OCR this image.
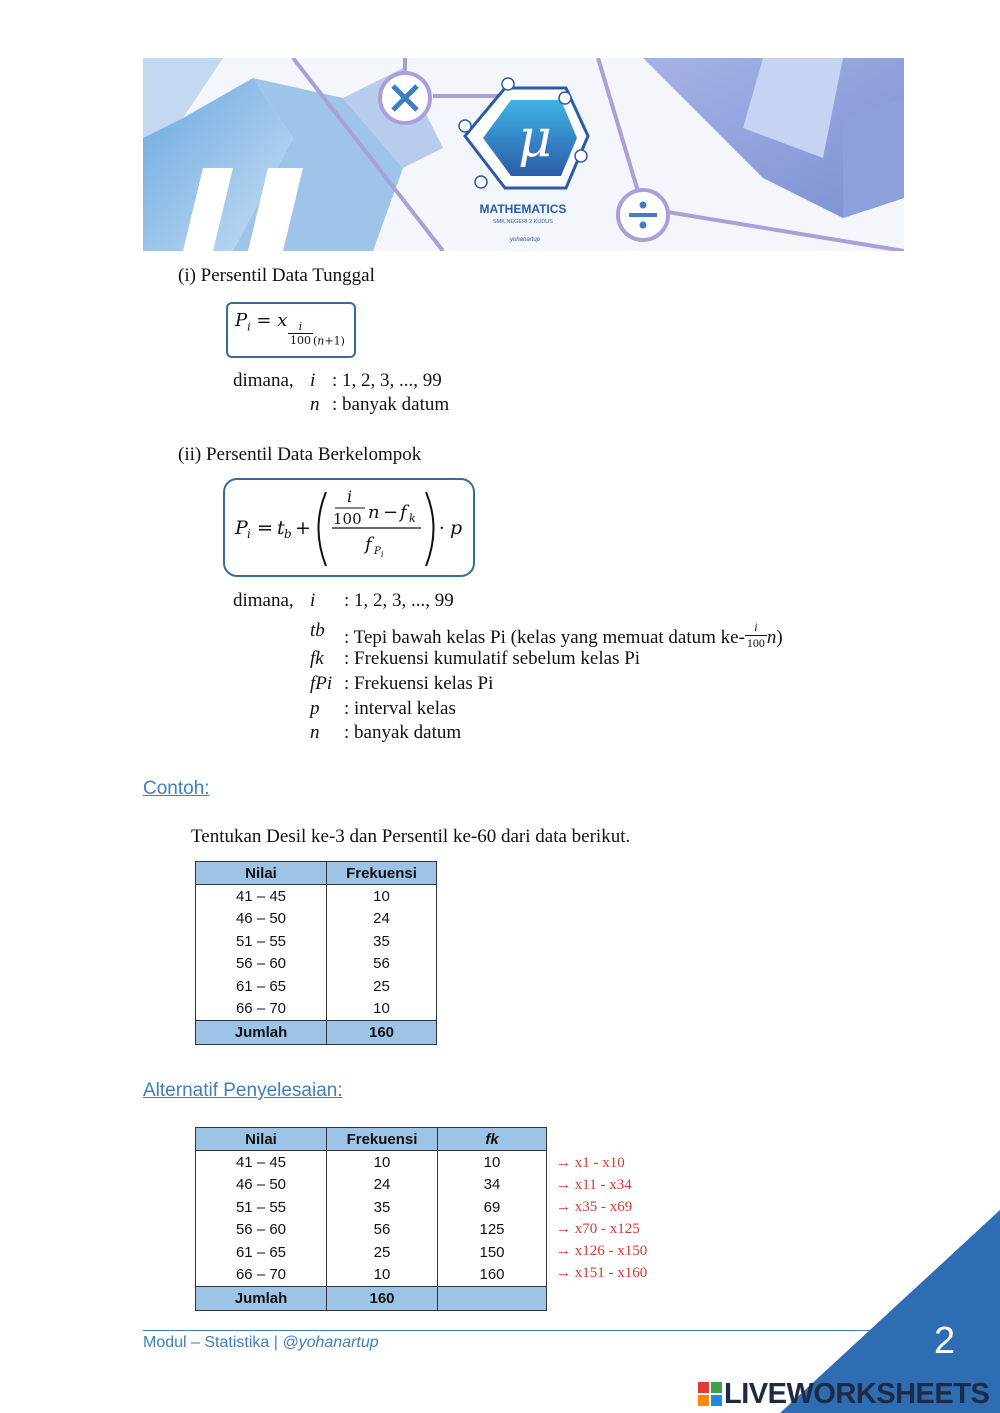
μ
MATHEMATICS
SMK NEGERI 2 KUDUS
yohanartup
(i) Persentil Data Tunggal
$P_i = x \frac{i}{100} (n+1)$
dimana, i : 1, 2, 3, ..., 99
n : banyak datum
(ii) Persentil Data Berkelompok
P i = t b +
i
100 n − f k
f P i
· p
dimana, i : 1, 2, 3, ..., 99
tb : Tepi bawah kelas Pi (kelas yang memuat datum $ke- \frac{i}{100} n$)
fk : Frekuensi kumulatif sebelum kelas Pi
fPi : Frekuensi kelas Pi
p : interval kelas
n : banyak datum
Contoh:
Tentukan Desil ke-3 dan Persentil ke-60 dari data berikut.
Nilai	Frekuensi
41 – 45	10
46 – 50	24
51 – 55	35
56 – 60	56
61 – 65	25
66 – 70	10
Jumlah	160
Alternatif Penyelesaian:
Nilai	Frekuensi	fk
41 – 45	10	10
46 – 50	24	34
51 – 55	35	69
56 – 60	56	125
61 – 65	25	150
66 – 70	10	160
Jumlah	160	
→ x1 - x10
→ x11 - x34
→ x35 - x69
→ x70 - x125
→ x126 - x150
→ x151 - x160
Modul – Statistika | @yohanartup	2
LIVEWORKSHEETS
